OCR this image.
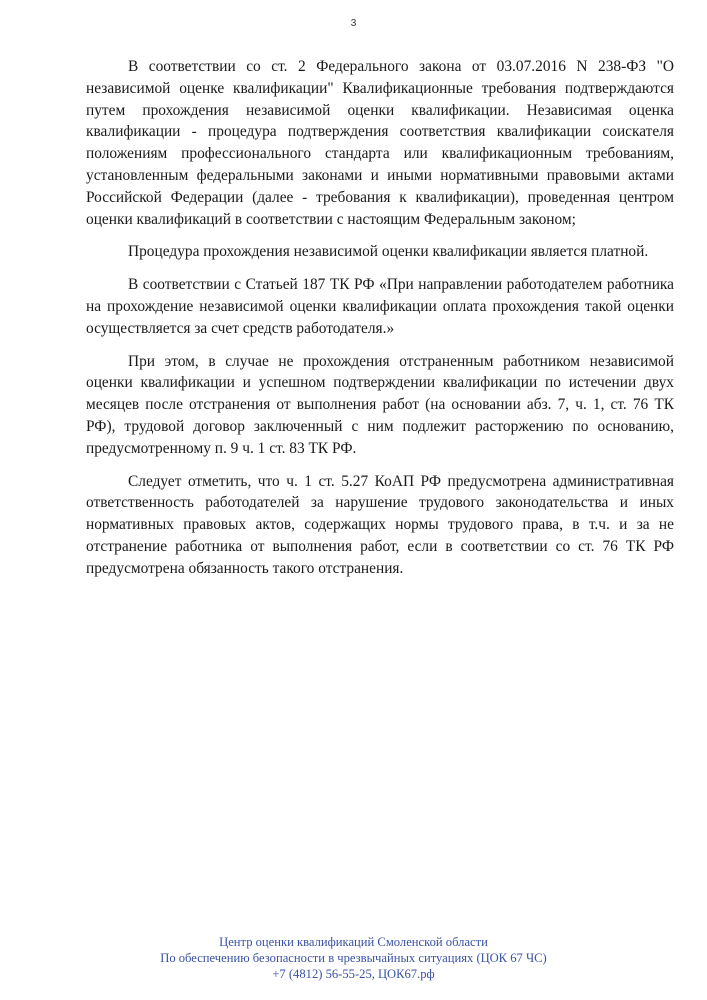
3

В соответствии со ст. 2 Федерального закона от 03.07.2016 N 238-ФЗ "О независимой оценке квалификации" Квалификационные требования подтверждаются путем прохождения независимой оценки квалификации. Независимая оценка квалификации - процедура подтверждения соответствия квалификации соискателя положениям профессионального стандарта или квалификационным требованиям, установленным федеральными законами и иными нормативными правовыми актами Российской Федерации (далее - требования к квалификации), проведенная центром оценки квалификаций в соответствии с настоящим Федеральным законом;

Процедура прохождения независимой оценки квалификации является платной.

В соответствии с Статьей 187 ТК РФ «При направлении работодателем работника на прохождение независимой оценки квалификации оплата прохождения такой оценки осуществляется за счет средств работодателя.»

При этом, в случае не прохождения отстраненным работником независимой оценки квалификации и успешном подтверждении квалификации по истечении двух месяцев после отстранения от выполнения работ (на основании абз. 7, ч. 1, ст. 76 ТК РФ), трудовой договор заключенный с ним подлежит расторжению по основанию, предусмотренному п. 9 ч. 1 ст. 83 ТК РФ.

Следует отметить, что ч. 1 ст. 5.27 КоАП РФ предусмотрена административная ответственность работодателей за нарушение трудового законодательства и иных нормативных правовых актов, содержащих нормы трудового права, в т.ч. и за не отстранение работника от выполнения работ, если в соответствии со ст. 76 ТК РФ предусмотрена обязанность такого отстранения.

Центр оценки квалификаций Смоленской области
По обеспечению безопасности в чрезвычайных ситуациях (ЦОК 67 ЧС)
+7 (4812) 56-55-25, ЦОК67.рф
